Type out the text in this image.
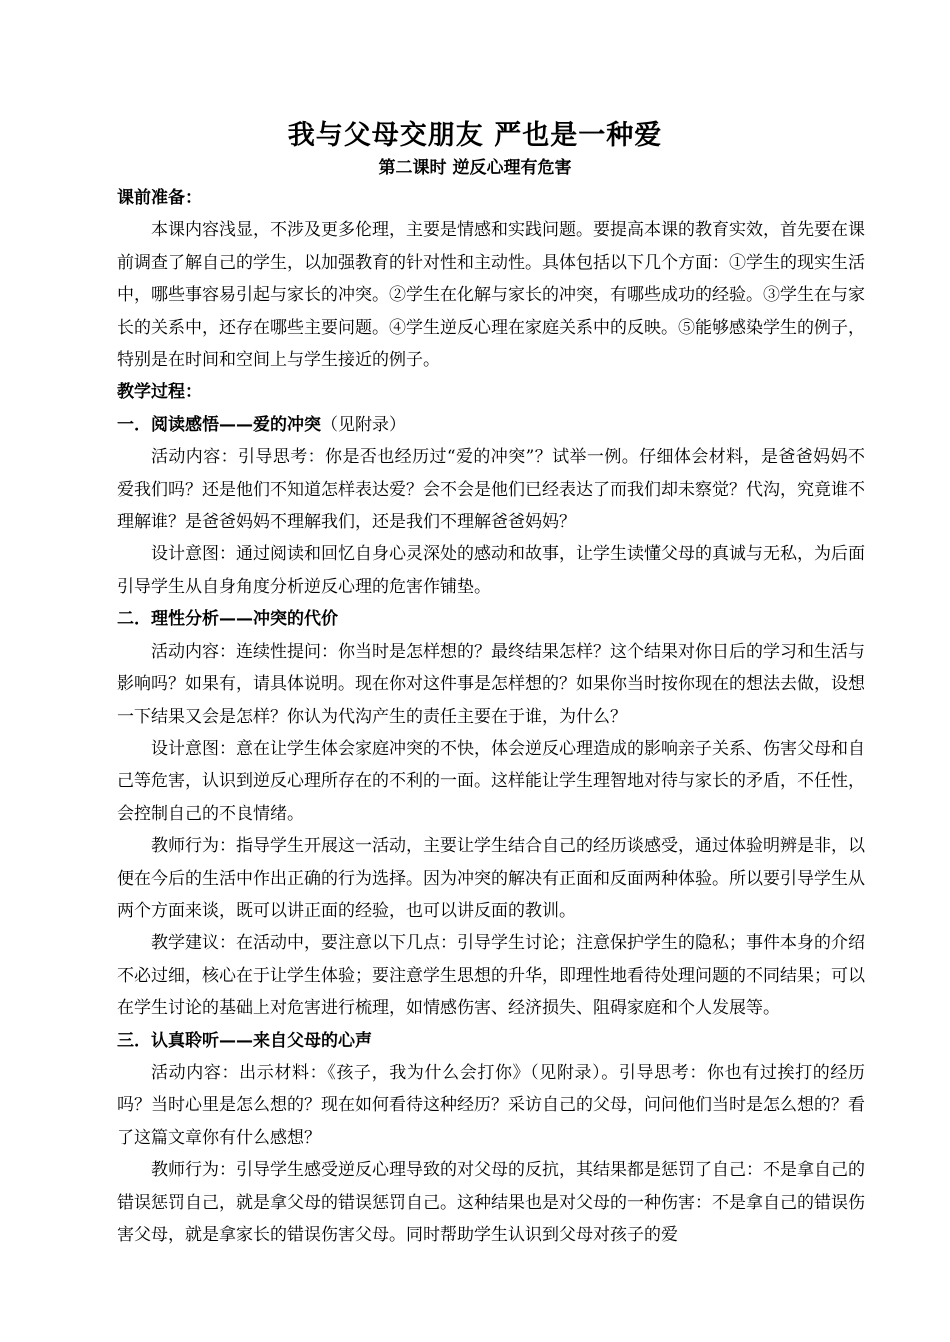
我与父母交朋友 严也是一种爱
第二课时 逆反心理有危害

课前准备：

本课内容浅显，不涉及更多伦理，主要是情感和实践问题。要提高本课的教育实效，首先要在课前调查了解自己的学生，以加强教育的针对性和主动性。具体包括以下几个方面：①学生的现实生活中，哪些事容易引起与家长的冲突。②学生在化解与家长的冲突，有哪些成功的经验。③学生在与家长的关系中，还存在哪些主要问题。④学生逆反心理在家庭关系中的反映。⑤能够感染学生的例子，特别是在时间和空间上与学生接近的例子。

教学过程：

一．阅读感悟——爱的冲突（见附录）

活动内容：引导思考：你是否也经历过“爱的冲突”？试举一例。仔细体会材料，是爸爸妈妈不爱我们吗？还是他们不知道怎样表达爱？会不会是他们已经表达了而我们却未察觉？代沟，究竟谁不理解谁？是爸爸妈妈不理解我们，还是我们不理解爸爸妈妈？

设计意图：通过阅读和回忆自身心灵深处的感动和故事，让学生读懂父母的真诚与无私，为后面引导学生从自身角度分析逆反心理的危害作铺垫。

二．理性分析——冲突的代价

活动内容：连续性提问：你当时是怎样想的？最终结果怎样？这个结果对你日后的学习和生活与影响吗？如果有，请具体说明。现在你对这件事是怎样想的？如果你当时按你现在的想法去做，设想一下结果又会是怎样？你认为代沟产生的责任主要在于谁，为什么？

设计意图：意在让学生体会家庭冲突的不快，体会逆反心理造成的影响亲子关系、伤害父母和自己等危害，认识到逆反心理所存在的不利的一面。这样能让学生理智地对待与家长的矛盾，不任性，会控制自己的不良情绪。

教师行为：指导学生开展这一活动，主要让学生结合自己的经历谈感受，通过体验明辨是非，以便在今后的生活中作出正确的行为选择。因为冲突的解决有正面和反面两种体验。所以要引导学生从两个方面来谈，既可以讲正面的经验，也可以讲反面的教训。

教学建议：在活动中，要注意以下几点：引导学生讨论；注意保护学生的隐私；事件本身的介绍不必过细，核心在于让学生体验；要注意学生思想的升华，即理性地看待处理问题的不同结果；可以在学生讨论的基础上对危害进行梳理，如情感伤害、经济损失、阻碍家庭和个人发展等。

三．认真聆听——来自父母的心声

活动内容：出示材料：《孩子，我为什么会打你》（见附录）。引导思考：你也有过挨打的经历吗？当时心里是怎么想的？现在如何看待这种经历？采访自己的父母，问问他们当时是怎么想的？看了这篇文章你有什么感想？

教师行为：引导学生感受逆反心理导致的对父母的反抗，其结果都是惩罚了自己：不是拿自己的错误惩罚自己，就是拿父母的错误惩罚自己。这种结果也是对父母的一种伤害：不是拿自己的错误伤害父母，就是拿家长的错误伤害父母。同时帮助学生认识到父母对孩子的爱
